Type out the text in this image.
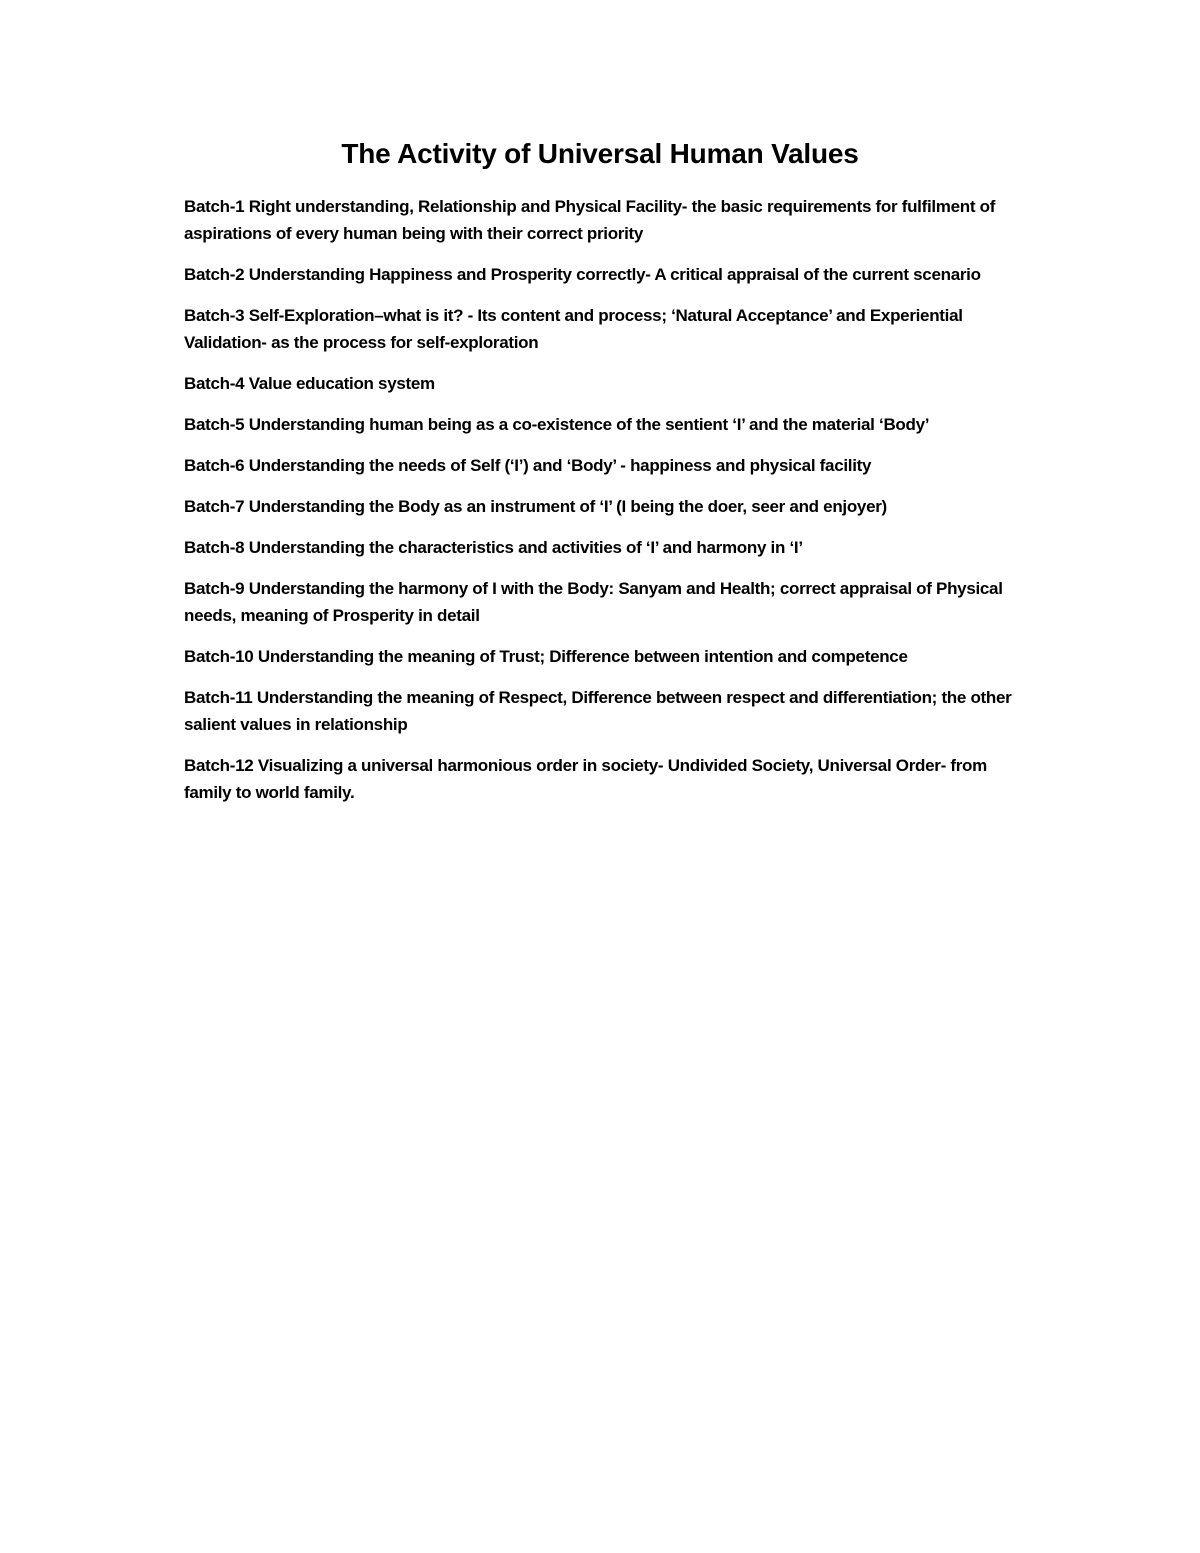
The Activity of Universal Human Values
Batch-1 Right understanding, Relationship and Physical Facility- the basic requirements for fulfilment of aspirations of every human being with their correct priority
Batch-2 Understanding Happiness and Prosperity correctly- A critical appraisal of the current scenario
Batch-3 Self-Exploration–what is it? - Its content and process; ‘Natural Acceptance’ and Experiential Validation- as the process for self-exploration
Batch-4 Value education system
Batch-5 Understanding human being as a co-existence of the sentient ‘I’ and the material ‘Body’
Batch-6 Understanding the needs of Self (‘I’) and ‘Body’ - happiness and physical facility
Batch-7 Understanding the Body as an instrument of ‘I’ (I being the doer, seer and enjoyer)
Batch-8 Understanding the characteristics and activities of ‘I’ and harmony in ‘I’
Batch-9 Understanding the harmony of I with the Body: Sanyam and Health; correct appraisal of Physical needs, meaning of Prosperity in detail
Batch-10 Understanding the meaning of Trust; Difference between intention and competence
Batch-11 Understanding the meaning of Respect, Difference between respect and differentiation; the other salient values in relationship
Batch-12 Visualizing a universal harmonious order in society- Undivided Society, Universal Order- from family to world family.
